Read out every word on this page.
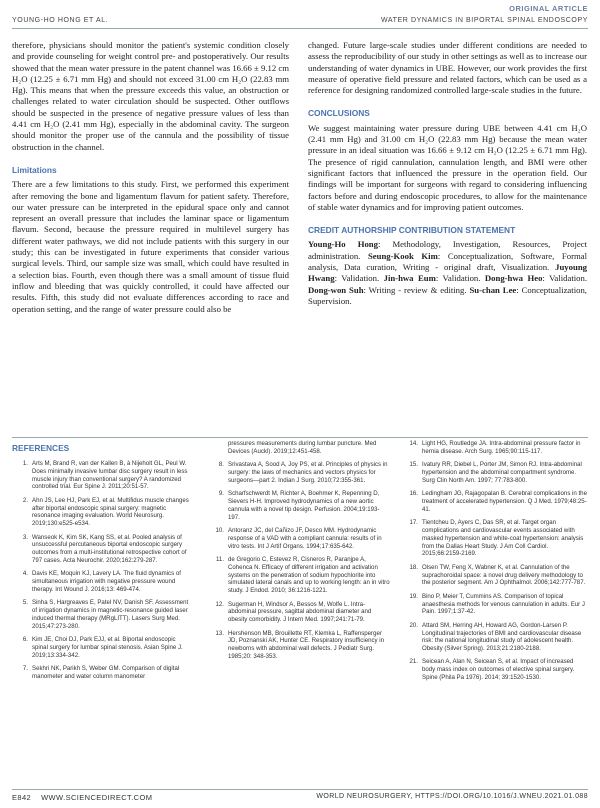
ORIGINAL ARTICLE
YOUNG-HO HONG ET AL.	WATER DYNAMICS IN BIPORTAL SPINAL ENDOSCOPY

therefore, physicians should monitor the patient's systemic condition closely and provide counseling for weight control pre- and postoperatively. Our results showed that the mean water pressure in the patent channel was 16.66 ± 9.12 cm H₂O (12.25 ± 6.71 mm Hg) and should not exceed 31.00 cm H₂O (22.83 mm Hg). This means that when the pressure exceeds this value, an obstruction or challenges related to water circulation should be suspected. Other outflows should be suspected in the presence of negative pressure values of less than 4.41 cm H₂O (2.41 mm Hg), especially in the abdominal cavity. The surgeon should monitor the proper use of the cannula and the possibility of tissue obstruction in the channel.

Limitations

There are a few limitations to this study. First, we performed this experiment after removing the bone and ligamentum flavum for patient safety. Therefore, our water pressure can be interpreted in the epidural space only and cannot represent an overall pressure that includes the laminar space or ligamentum flavum. Second, because the pressure required in multilevel surgery has different water pathways, we did not include patients with this surgery in our study; this can be investigated in future experiments that consider various surgical levels. Third, our sample size was small, which could have resulted in a selection bias. Fourth, even though there was a small amount of tissue fluid inflow and bleeding that was quickly controlled, it could have affected our results. Fifth, this study did not evaluate differences according to race and operation setting, and the range of water pressure could also be

changed. Future large-scale studies under different conditions are needed to assess the reproducibility of our study in other settings as well as to increase our understanding of water dynamics in UBE. However, our work provides the first measure of operative field pressure and related factors, which can be used as a reference for designing randomized controlled large-scale studies in the future.

CONCLUSIONS

We suggest maintaining water pressure during UBE between 4.41 cm H₂O (2.41 mm Hg) and 31.00 cm H₂O (22.83 mm Hg) because the mean water pressure in an ideal situation was 16.66 ± 9.12 cm H₂O (12.25 ± 6.71 mm Hg). The presence of rigid cannulation, cannulation length, and BMI were other significant factors that influenced the pressure in the operation field. Our findings will be important for surgeons with regard to considering influencing factors before and during endoscopic procedures, to allow for the maintenance of stable water dynamics and for improving patient outcomes.

CREDIT AUTHORSHIP CONTRIBUTION STATEMENT

Young-Ho Hong: Methodology, Investigation, Resources, Project administration. Seung-Kook Kim: Conceptualization, Software, Formal analysis, Data curation, Writing - original draft, Visualization. Juyoung Hwang: Validation. Jin-hwa Eum: Validation. Dong-hwa Heo: Validation. Dong-won Suh: Writing - review & editing. Su-chan Lee: Conceptualization, Supervision.

REFERENCES
1. Arts M, Brand R, van der Kallen B, à Nijeholt GL, Peul W. Does minimally invasive lumbar disc surgery result in less muscle injury than conventional surgery? A randomized controlled trial. Eur Spine J. 2011;20:51-57.
2. Ahn JS, Lee HJ, Park EJ, et al. Multifidus muscle changes after biportal endoscopic spinal surgery: magnetic resonance imaging evaluation. World Neurosurg. 2019;130:e525-e534.
3. Wanseok K, Kim SK, Kang SS, et al. Pooled analysis of unsuccessful percutaneous biportal endoscopic surgery outcomes from a multi-institutional retrospective cohort of 797 cases. Acta Neurochir. 2020;162:279-287.
4. Davis KE, Moquin KJ, Lavery LA. The fluid dynamics of simultaneous irrigation with negative pressure wound therapy. Int Wound J. 2016;13: 469-474.
5. Sinha S, Hargreaves E, Patel NV, Danish SF. Assessment of irrigation dynamics in magnetic-resonance guided laser induced thermal therapy (MRgLITT). Lasers Surg Med. 2015;47:273-280.
6. Kim JE, Choi DJ, Park EJJ, et al. Biportal endoscopic spinal surgery for lumbar spinal stenosis. Asian Spine J. 2019;13:334-342.
7. Sekhri NK, Parikh S, Weber GM. Comparison of digital manometer and water column manometer
pressures measurements during lumbar puncture. Med Devices (Auckl). 2019;12:451-458.
8. Srivastava A, Sood A, Joy PS, et al. Principles of physics in surgery: the laws of mechanics and vectors physics for surgeons—part 2. Indian J Surg. 2010;72:355-361.
9. Scharfschwerdt M, Richter A, Boehmer K, Repenning D, Sievers H-H. Improved hydrodynamics of a new aortic cannula with a novel tip design. Perfusion. 2004;19:193-197.
10. Antoranz JC, del Cañizo JF, Desco MM. Hydrodynamic response of a VAD with a compliant cannula: results of in vitro tests. Int J Artif Organs. 1994;17:635-642.
11. de Gregorio C, Estevez R, Cisneros R, Paranjpe A, Cohenca N. Efficacy of different irrigation and activation systems on the penetration of sodium hypochlorite into simulated lateral canals and up to working length: an in vitro study. J Endod. 2010; 36:1216-1221.
12. Sugerman H, Windsor A, Bessos M, Wolfe L. Intra-abdominal pressure, sagittal abdominal diameter and obesity comorbidity. J Intern Med. 1997;241:71-79.
13. Hershenson MB, Brouillette RT, Klemka L, Raffensperger JD, Poznanski AK, Hunter CE. Respiratory insufficiency in newborns with abdominal wall defects. J Pediatr Surg. 1985;20: 348-353.
14. Light HG, Routledge JA. Intra-abdominal pressure factor in hernia disease. Arch Surg. 1965;90:115-117.
15. Ivatury RR, Diebel L, Porter JM, Simon RJ. Intra-abdominal hypertension and the abdominal compartment syndrome. Surg Clin North Am. 1997; 77:783-800.
16. Ledingham JG, Rajagopalan B. Cerebral complications in the treatment of accelerated hypertension. Q J Med. 1979;48:25-41.
17. Tientcheu D, Ayers C, Das SR, et al. Target organ complications and cardiovascular events associated with masked hypertension and white-coat hypertension: analysis from the Dallas Heart Study. J Am Coll Cardiol. 2015;66:2159-2169.
18. Olsen TW, Feng X, Wabner K, et al. Cannulation of the suprachoroidal space: a novel drug delivery methodology to the posterior segment. Am J Ophthalmol. 2006;142:777-787.
19. Bino P, Meier T, Cummins AS. Comparison of topical anaesthesia methods for venous cannulation in adults. Eur J Pain. 1997;1:37-42.
20. Attard SM, Herring AH, Howard AG, Gordon-Larsen P. Longitudinal trajectories of BMI and cardiovascular disease risk: the national longitudinal study of adolescent health. Obesity (Silver Spring). 2013;21:2180-2188.
21. Seicean A, Alan N, Seicean S, et al. Impact of increased body mass index on outcomes of elective spinal surgery. Spine (Phila Pa 1976). 2014; 39:1520-1530.
E842 WWW.SCIENCEDIRECT.COM	WORLD NEUROSURGERY, HTTPS://DOI.ORG/10.1016/J.WNEU.2021.01.088
